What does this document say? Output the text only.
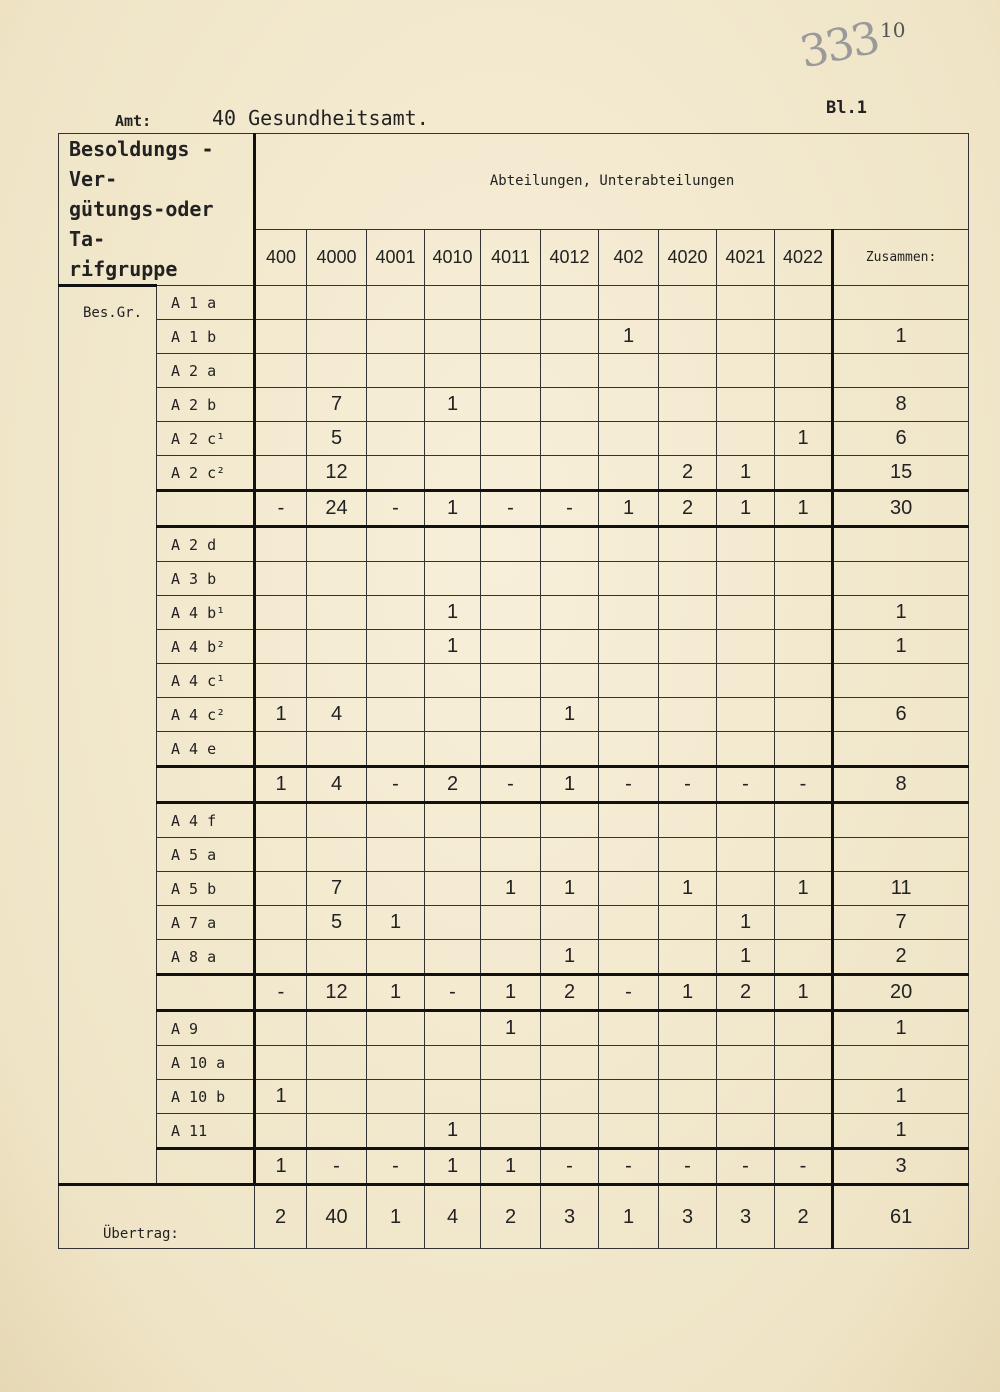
333
10
Amt:	40 Gesundheitsamt.	Bl.1
Besoldungs - Ver-
gütungs-oder Ta-
rifgruppe		Abteilungen, Unterabteilungen										
		400	4000	4001	4010	4011	4012	402	4020	4021	4022	Zusammen:
Bes.Gr.	A 1 a											
	A 1 b							1				1
	A 2 a											
	A 2 b		7		1							8
	A 2 c¹		5								1	6
	A 2 c²		12						2	1		15
		-	24	-	1	-	-	1	2	1	1	30
	A 2 d											
	A 3 b											
	A 4 b¹				1							1
	A 4 b²				1							1
	A 4 c¹											
	A 4 c²	1	4				1					6
	A 4 e											
		1	4	-	2	-	1	-	-	-	-	8
	A 4 f											
	A 5 a											
	A 5 b		7			1	1		1		1	11
	A 7 a		5	1						1		7
	A 8 a						1			1		2
		-	12	1	-	1	2	-	1	2	1	20
	A 9					1						1
	A 10 a											
	A 10 b	1										1
	A 11				1							1
		1	-	-	1	1	-	-	-	-	-	3
Übertrag:		2	40	1	4	2	3	1	3	3	2	61
